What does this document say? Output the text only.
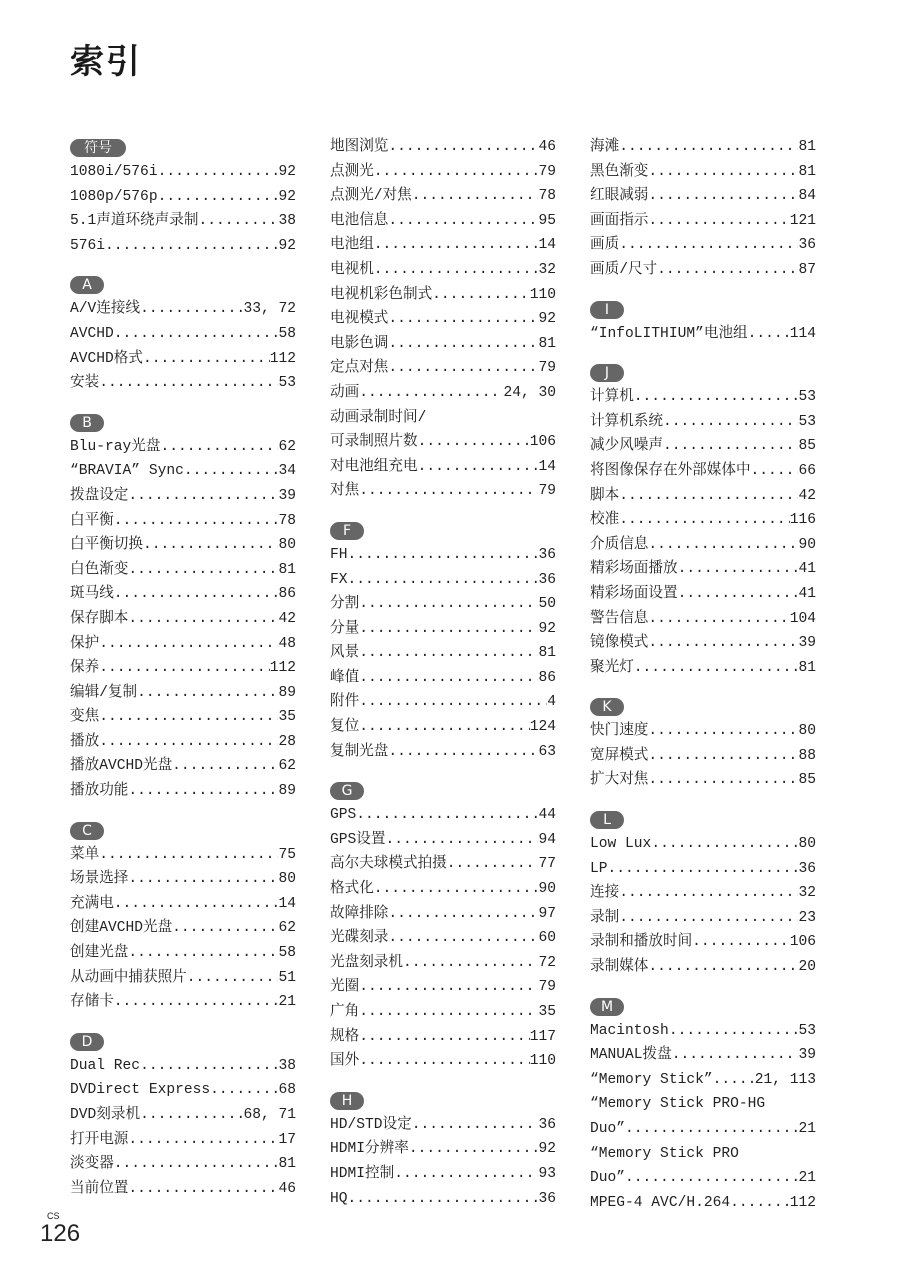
索引
符号
1080i/576i .....	92
1080p/576p .....	92
5.1声道环绕声录制 .....	38
576i .....	92
A
A/V连接线 .....	33, 72
AVCHD .....	58
AVCHD格式 .....	112
安装 .....	53
B
Blu-ray光盘 .....	62
“BRAVIA” Sync .....	34
拨盘设定 .....	39
白平衡 .....	78
白平衡切换 .....	80
白色渐变 .....	81
斑马线 .....	86
保存脚本 .....	42
保护 .....	48
保养 .....	112
编辑/复制 .....	89
变焦 .....	35
播放 .....	28
播放AVCHD光盘 .....	62
播放功能 .....	89
C
菜单 .....	75
场景选择 .....	80
充满电 .....	14
创建AVCHD光盘 .....	62
创建光盘 .....	58
从动画中捕获照片 .....	51
存储卡 .....	21
D
Dual Rec .....	38
DVDirect Express .....	68
DVD刻录机 .....	68, 71
打开电源 .....	17
淡变器 .....	81
当前位置 .....	46
地图浏览 .....	46
点测光 .....	79
点测光/对焦 .....	78
电池信息 .....	95
电池组 .....	14
电视机 .....	32
电视机彩色制式 .....	110
电视模式 .....	92
电影色调 .....	81
定点对焦 .....	79
动画 .....	24, 30
动画录制时间/
可录制照片数 .....	106
对电池组充电 .....	14
对焦 .....	79
F
FH .....	36
FX .....	36
分割 .....	50
分量 .....	92
风景 .....	81
峰值 .....	86
附件 .....	4
复位 .....	124
复制光盘 .....	63
G
GPS .....	44
GPS设置 .....	94
高尔夫球模式拍摄 .....	77
格式化 .....	90
故障排除 .....	97
光碟刻录 .....	60
光盘刻录机 .....	72
光圈 .....	79
广角 .....	35
规格 .....	117
国外 .....	110
H
HD/STD设定 .....	36
HDMI分辨率 .....	92
HDMI控制 .....	93
HQ .....	36
海滩 .....	81
黑色渐变 .....	81
红眼减弱 .....	84
画面指示 .....	121
画质 .....	36
画质/尺寸 .....	87
I
“InfoLITHIUM”电池组 .....	114
J
计算机 .....	53
计算机系统 .....	53
减少风噪声 .....	85
将图像保存在外部媒体中 .....	66
脚本 .....	42
校准 .....	116
介质信息 .....	90
精彩场面播放 .....	41
精彩场面设置 .....	41
警告信息 .....	104
镜像模式 .....	39
聚光灯 .....	81
K
快门速度 .....	80
宽屏模式 .....	88
扩大对焦 .....	85
L
Low Lux .....	80
LP .....	36
连接 .....	32
录制 .....	23
录制和播放时间 .....	106
录制媒体 .....	20
M
Macintosh .....	53
MANUAL拨盘 .....	39
“Memory Stick” .....	21, 113
“Memory Stick PRO-HG
Duo” .....	21
“Memory Stick PRO
Duo” .....	21
MPEG-4 AVC/H.264 .....	112
CS
126
